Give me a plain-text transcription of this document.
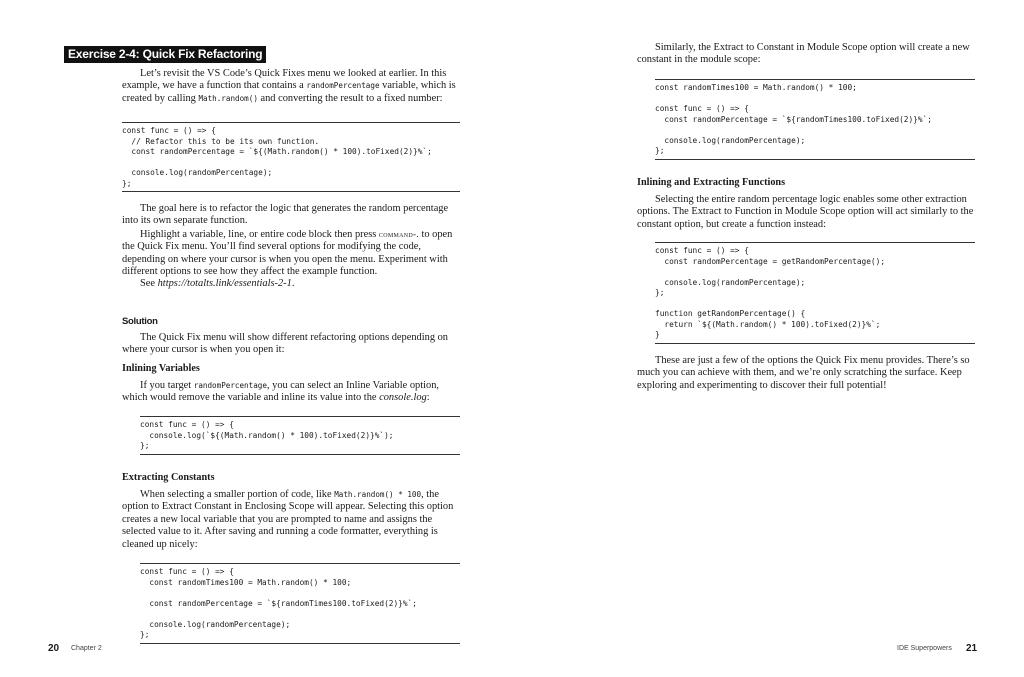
Exercise 2-4: Quick Fix Refactoring
Let’s revisit the VS Code’s Quick Fixes menu we looked at earlier. In this example, we have a function that contains a randomPercentage variable, which is created by calling Math.random() and converting the result to a fixed number:
const func = () => {
// Refactor this to be its own function.
const randomPercentage = `${(Math.random() * 100).toFixed(2)}%`;

console.log(randomPercentage);
};

The goal here is to refactor the logic that generates the random percentage into its own separate function.

Highlight a variable, line, or entire code block then press command-. to open the Quick Fix menu. You’ll find several options for modifying the code, depending on where your cursor is when you open the menu. Experiment with different options to see how they affect the example function.

See https://totalts.link/essentials-2-1.

Solution
The Quick Fix menu will show different refactoring options depending on where your cursor is when you open it:
Inlining Variables
If you target randomPercentage, you can select an Inline Variable option, which would remove the variable and inline its value into the console.log:
const func = () => {
console.log(`${(Math.random() * 100).toFixed(2)}%`);
};
Extracting Constants
When selecting a smaller portion of code, like Math.random() * 100, the option to Extract Constant in Enclosing Scope will appear. Selecting this option creates a new local variable that you are prompted to name and assigns the selected value to it. After saving and running a code formatter, everything is cleaned up nicely:
const func = () => {
const randomTimes100 = Math.random() * 100;

const randomPercentage = `${randomTimes100.toFixed(2)}%`;

console.log(randomPercentage);
};
20 Chapter 2
Similarly, the Extract to Constant in Module Scope option will create a new constant in the module scope:
const randomTimes100 = Math.random() * 100;

const func = () => {
const randomPercentage = `${randomTimes100.toFixed(2)}%`;

console.log(randomPercentage);
};
Inlining and Extracting Functions
Selecting the entire random percentage logic enables some other extraction options. The Extract to Function in Module Scope option will act similarly to the constant option, but create a function instead:
const func = () => {
const randomPercentage = getRandomPercentage();

console.log(randomPercentage);
};

function getRandomPercentage() {
return `${(Math.random() * 100).toFixed(2)}%`;
}
These are just a few of the options the Quick Fix menu provides. There’s so much you can achieve with them, and we’re only scratching the surface. Keep exploring and experimenting to discover their full potential!
IDE Superpowers 21
